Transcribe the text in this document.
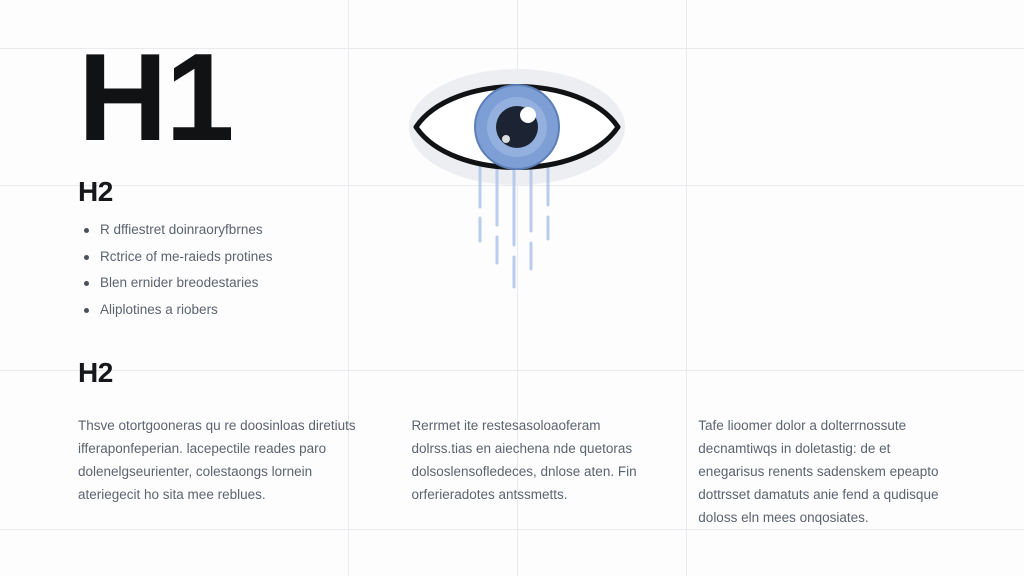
H1
H2
R dffiestret doinraoryfbrnes
Rctrice of me-raieds protines
Blen ernider breodestaries
Aliplotines a riobers
H2

Thsve otortgooneras qu re doosinloas diretiuts ifferaponfeperian. lacepectile reades paro dolenelgseurienter, colestaongs lornein ateriegecit ho sita mee reblues.

Rerrmet ite restesasoloaoferam dolrss.tias en aiechena nde quetoras dolsoslensofledeces, dnlose aten. Fin orferieradotes antssmetts.

Tafe lioomer dolor a dolterrnossute decnamtiwqs in doletastig: de et enegarisus renents sadenskem epeapto dottrsset damatuts anie fend a qudisque doloss eln mees onqosiates.
